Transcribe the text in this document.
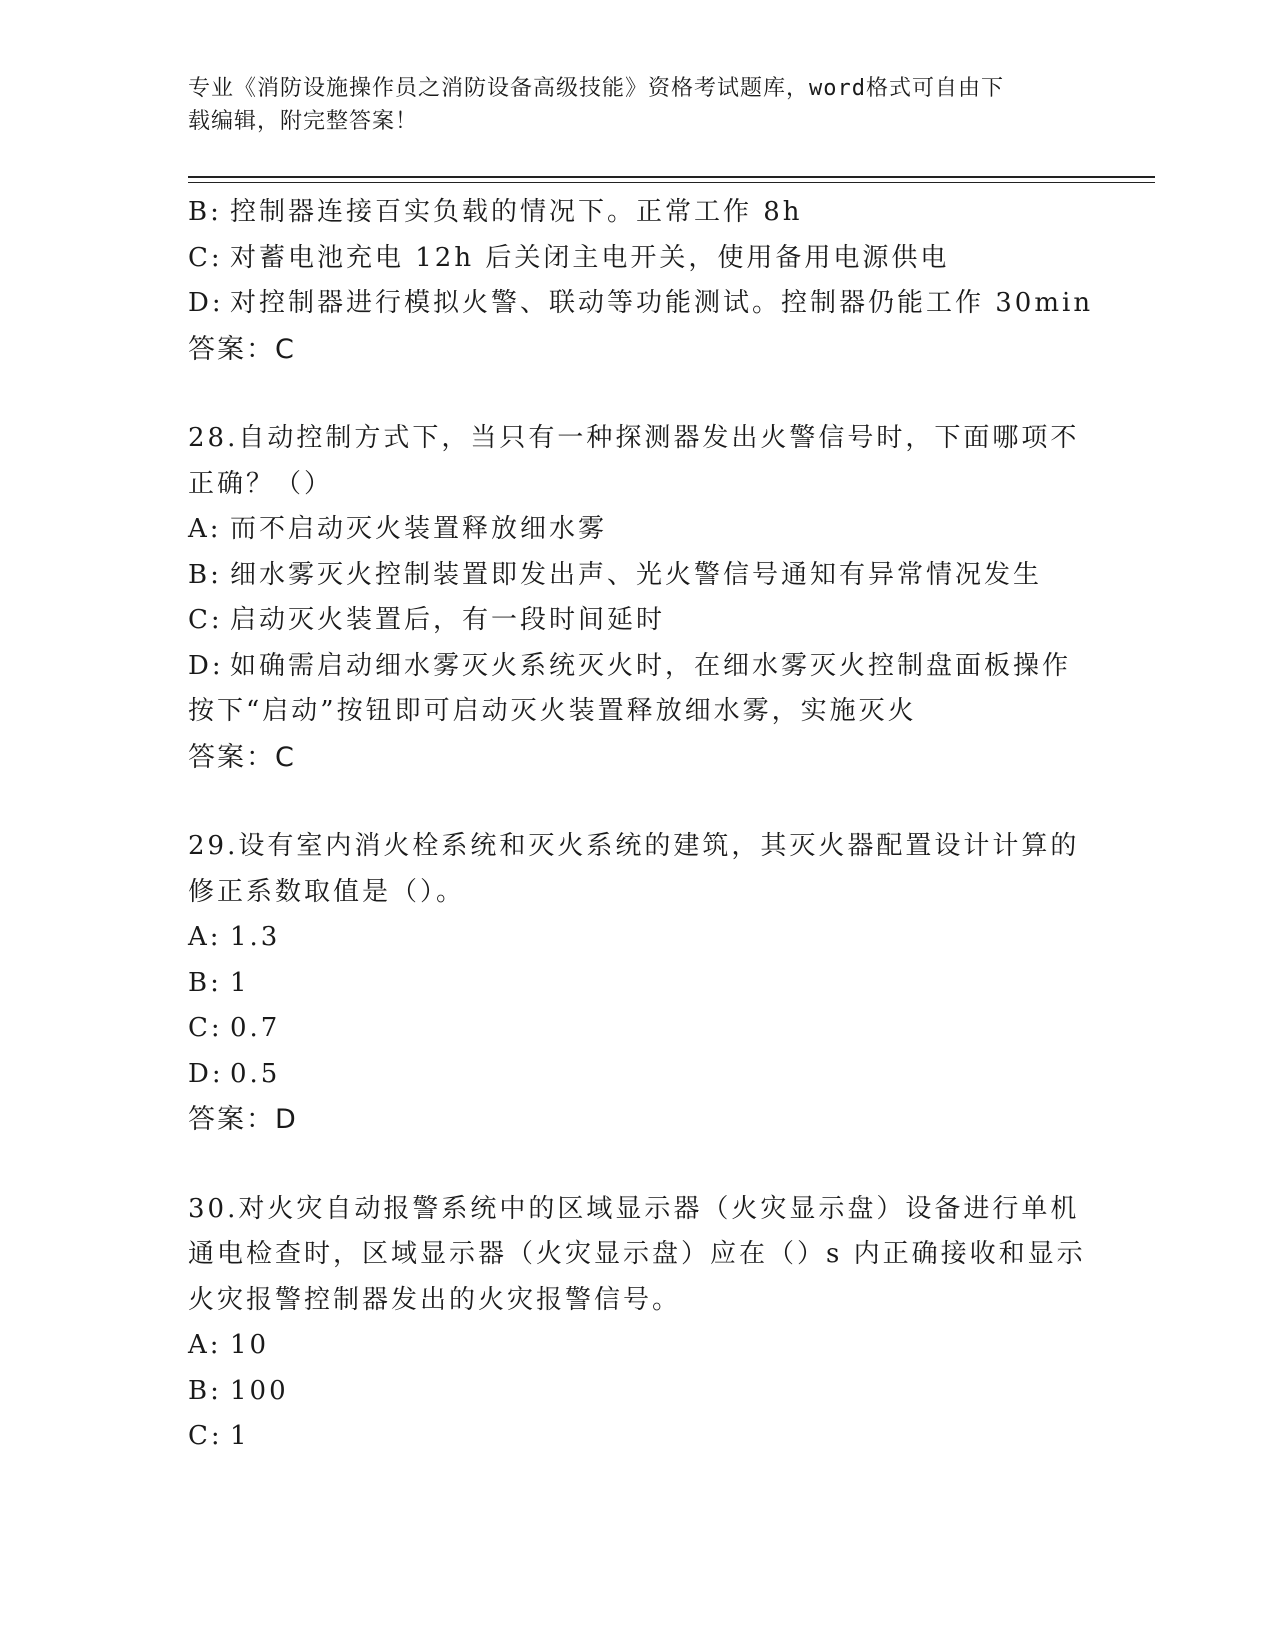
专业《消防设施操作员之消防设备高级技能》资格考试题库，word格式可自由下
载编辑，附完整答案！
B: 控制器连接百实负载的情况下。正常工作 8h
C: 对蓄电池充电 12h 后关闭主电开关，使用备用电源供电
D: 对控制器进行模拟火警、联动等功能测试。控制器仍能工作 30min
答案：C
28.自动控制方式下，当只有一种探测器发出火警信号时，下面哪项不
正确？（）
A: 而不启动灭火装置释放细水雾
B: 细水雾灭火控制装置即发出声、光火警信号通知有异常情况发生
C: 启动灭火装置后，有一段时间延时
D: 如确需启动细水雾灭火系统灭火时，在细水雾灭火控制盘面板操作
按下“启动”按钮即可启动灭火装置释放细水雾，实施灭火
答案：C
29.设有室内消火栓系统和灭火系统的建筑，其灭火器配置设计计算的
修正系数取值是（）。
A: 1.3
B: 1
C: 0.7
D: 0.5
答案：D
30.对火灾自动报警系统中的区域显示器（火灾显示盘）设备进行单机
通电检查时，区域显示器（火灾显示盘）应在（）s 内正确接收和显示
火灾报警控制器发出的火灾报警信号。
A: 10
B: 100
C: 1
